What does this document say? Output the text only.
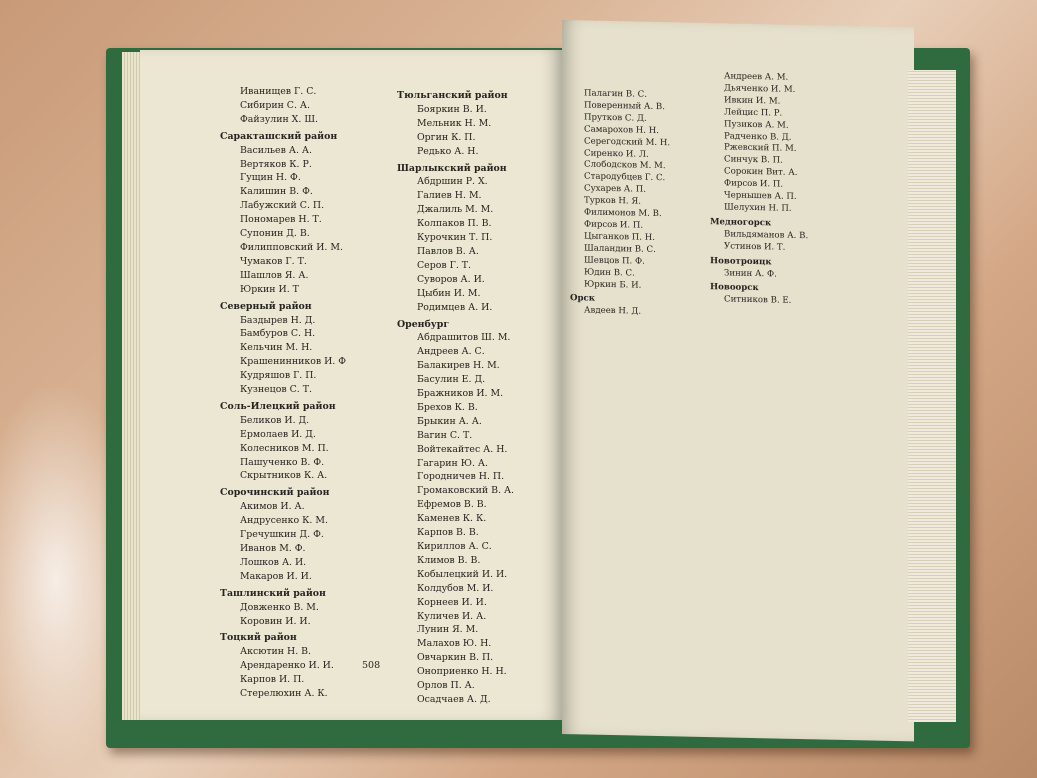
Иванищев Г. С.
Сибирин С. А.
Файзулин Х. Ш.
Саракташский район
Васильев А. А.
Вертяков К. Р.
Гущин Н. Ф.
Калишин В. Ф.
Лабужский С. П.
Пономарев Н. Т.
Супонин Д. В.
Филипповский И. М.
Чумаков Г. Т.
Шашлов Я. А.
Юркин И. Т
Северный район
Баздырев Н. Д.
Бамбуров С. Н.
Кельчин М. Н.
Крашенинников И. Ф
Кудряшов Г. П.
Кузнецов С. Т.
Соль-Илецкий район
Беликов И. Д.
Ермолаев И. Д.
Колесников М. П.
Пашученко В. Ф.
Скрытников К. А.
Сорочинский район
Акимов И. А.
Андрусенко К. М.
Гречушкин Д. Ф.
Иванов М. Ф.
Лошков А. И.
Макаров И. И.
Ташлинский район
Довженко В. М.
Коровин И. И.
Тоцкий район
Аксютин Н. В.
Арендаренко И. И.
Карпов И. П.
Стерелюхин А. К.
Тюльганский район
Бояркин В. И.
Мельник Н. М.
Оргин К. П.
Редько А. Н.
Шарлыкский район
Абдршин Р. Х.
Галиев Н. М.
Джалиль М. М.
Колпаков П. В.
Курочкин Т. П.
Павлов В. А.
Серов Г. Т.
Суворов А. И.
Цыбин И. М.
Родимцев А. И.
Оренбург
Абдрашитов Ш. М.
Андреев А. С.
Балакирев Н. М.
Басулин Е. Д.
Бражников И. М.
Брехов К. В.
Брыкин А. А.
Вагин С. Т.
Войтекайтес А. Н.
Гагарин Ю. А.
Городничев Н. П.
Громаковский В. А.
Ефремов В. В.
Каменев К. К.
Карпов В. В.
Кириллов А. С.
Климов В. В.
Кобылецкий И. И.
Колдубов М. И.
Корнеев И. И.
Куличев И. А.
Лунин Я. М.
Малахов Ю. Н.
Овчаркин В. П.
Оноприенко Н. Н.
Орлов П. А.
Осадчаев А. Д.
508
Палагин В. С.
Поверенный А. В.
Прутков С. Д.
Самарохов Н. Н.
Серегодский М. Н.
Сиренко И. Л.
Слободсков М. М.
Стародубцев Г. С.
Сухарев А. П.
Турков Н. Я.
Филимонов М. В.
Фирсов И. П.
Цыганков П. Н.
Шаландин В. С.
Шевцов П. Ф.
Юдин В. С.
Юркин Б. И.
Орск
Авдеев Н. Д.
Андреев А. М.
Дьяченко И. М.
Ивкин И. М.
Лейцис П. Р.
Пузиков А. М.
Радченко В. Д.
Ржевский П. М.
Синчук В. П.
Сорокин Вит. А.
Фирсов И. П.
Чернышев А. П.
Шелухин Н. П.
Медногорск
Вильдяманов А. В.
Устинов И. Т.
Новотроицк
Зинин А. Ф.
Новоорск
Ситников В. Е.
